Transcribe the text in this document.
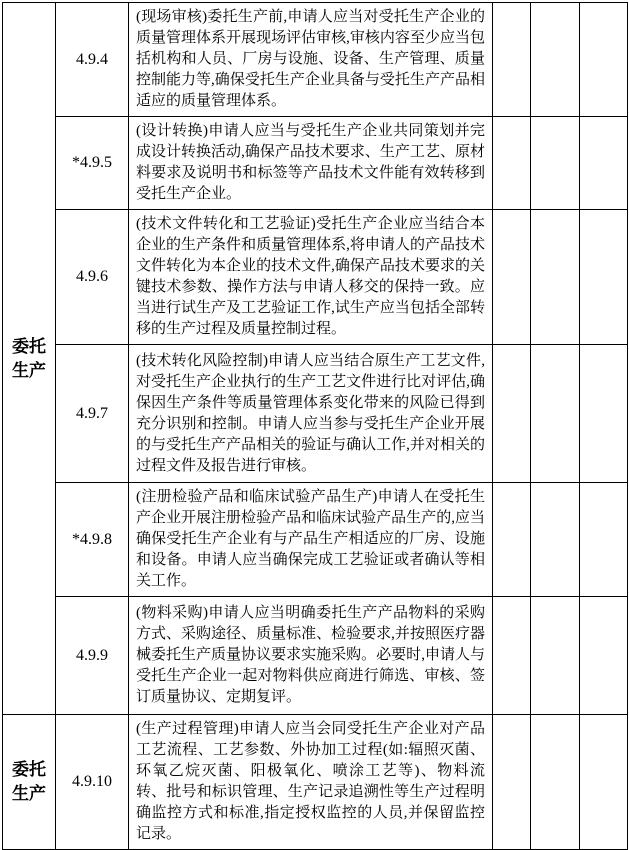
委托生产	4.9.4	(现场审核)委托生产前,申请人应当对受托生产企业的质量管理体系开展现场评估审核,审核内容至少应当包括机构和人员、厂房与设施、设备、生产管理、质量控制能力等,确保受托生产企业具备与受托生产产品相适应的质量管理体系。			
	*4.9.5	(设计转换)申请人应当与受托生产企业共同策划并完成设计转换活动,确保产品技术要求、生产工艺、原材料要求及说明书和标签等产品技术文件能有效转移到受托生产企业。			
	4.9.6	(技术文件转化和工艺验证)受托生产企业应当结合本企业的生产条件和质量管理体系,将申请人的产品技术文件转化为本企业的技术文件,确保产品技术要求的关键技术参数、操作方法与申请人移交的保持一致。应当进行试生产及工艺验证工作,试生产应当包括全部转移的生产过程及质量控制过程。			
	4.9.7	(技术转化风险控制)申请人应当结合原生产工艺文件,对受托生产企业执行的生产工艺文件进行比对评估,确保因生产条件等质量管理体系变化带来的风险已得到充分识别和控制。申请人应当参与受托生产企业开展的与受托生产产品相关的验证与确认工作,并对相关的过程文件及报告进行审核。			
	*4.9.8	(注册检验产品和临床试验产品生产)申请人在受托生产企业开展注册检验产品和临床试验产品生产的,应当确保受托生产企业有与产品生产相适应的厂房、设施和设备。申请人应当确保完成工艺验证或者确认等相关工作。			
	4.9.9	(物料采购)申请人应当明确委托生产产品物料的采购方式、采购途径、质量标准、检验要求,并按照医疗器械委托生产质量协议要求实施采购。必要时,申请人与受托生产企业一起对物料供应商进行筛选、审核、签订质量协议、定期复评。			
委托生产	4.9.10	(生产过程管理)申请人应当会同受托生产企业对产品工艺流程、工艺参数、外协加工过程(如:辐照灭菌、环氧乙烷灭菌、阳极氧化、喷涂工艺等)、物料流转、批号和标识管理、生产记录追溯性等生产过程明确监控方式和标准,指定授权监控的人员,并保留监控记录。			
